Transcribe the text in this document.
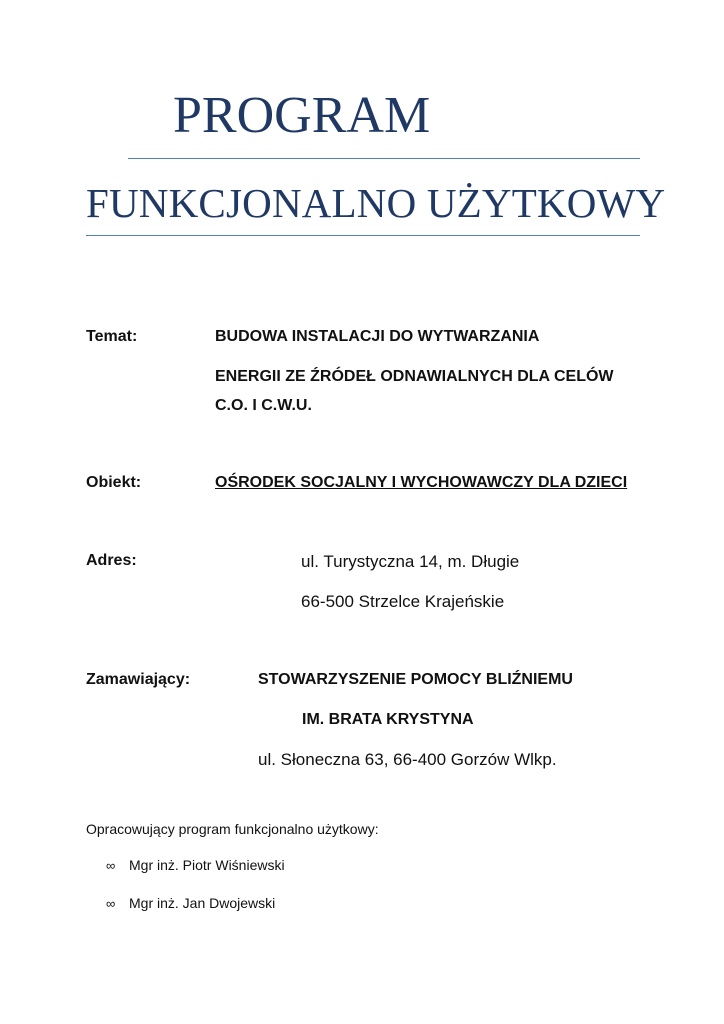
PROGRAM
FUNKCJONALNO UŻYTKOWY
Temat:	BUDOWA INSTALACJI DO WYTWARZANIA
ENERGII ZE ŹRÓDEŁ ODNAWIALNYCH DLA CELÓW
C.O. I C.W.U.
Obiekt:	OŚRODEK SOCJALNY I WYCHOWAWCZY DLA DZIECI
Adres:	ul. Turystyczna 14, m. Długie
66-500 Strzelce Krajeńskie
Zamawiający:	STOWARZYSZENIE POMOCY BLIŹNIEMU
IM. BRATA KRYSTYNA
ul. Słoneczna 63, 66-400 Gorzów Wlkp.
Opracowujący program funkcjonalno użytkowy:
∞ Mgr inż. Piotr Wiśniewski
∞ Mgr inż. Jan Dwojewski
